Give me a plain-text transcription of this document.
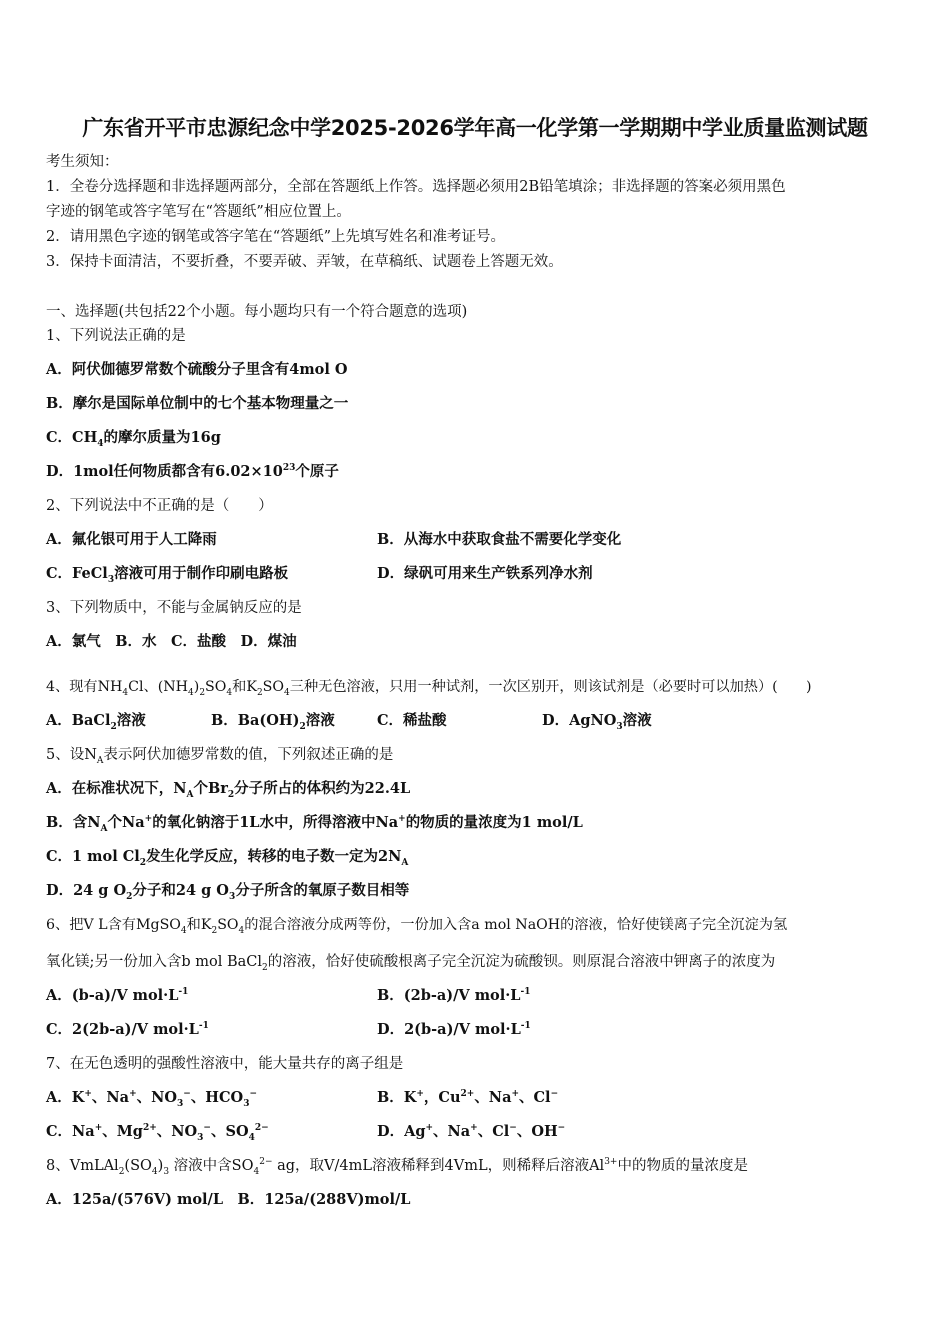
广东省开平市忠源纪念中学2025-2026学年高一化学第一学期期中学业质量监测试题
考生须知：
1．全卷分选择题和非选择题两部分，全部在答题纸上作答。选择题必须用2B铅笔填涂；非选择题的答案必须用黑色
字迹的钢笔或答字笔写在“答题纸”相应位置上。
2．请用黑色字迹的钢笔或答字笔在“答题纸”上先填写姓名和准考证号。
3．保持卡面清洁，不要折叠，不要弄破、弄皱，在草稿纸、试题卷上答题无效。
一、选择题(共包括22个小题。每小题均只有一个符合题意的选项)
1、下列说法正确的是
A．阿伏伽德罗常数个硫酸分子里含有4mol O
B．摩尔是国际单位制中的七个基本物理量之一
C．$CH_4$的摩尔质量为16g
D．1mol任何物质都含有$6.02\times 10^{23}$个原子
2、下列说法中不正确的是（　　）
A．氟化银可用于人工降雨	B．从海水中获取食盐不需要化学变化
C．FeCl$_3$溶液可用于制作印刷电路板	D．绿矾可用来生产铁系列净水剂
3、下列物质中，不能与金属钠反应的是
A．氯气　B．水　C．盐酸　D．煤油
4、现有$NH_4Cl$、$(NH_4)_2SO_4$和$K_2SO_4$三种无色溶液，只用一种试剂，一次区别开，则该试剂是（必要时可以加热）(　　)
A．BaCl$_2$溶液	B．$Ba(OH)_2$溶液	C．稀盐酸	D．AgNO$_3$溶液
5、设$N_A$表示阿伏加德罗常数的值，下列叙述正确的是
A．在标准状况下，$N_A$个$Br_2$分子所占的体积约为22.4L
B．含$N_A$个Na+的氧化钠溶于1L水中，所得溶液中Na+的物质的量浓度为1 mol/L
C．1 mol $Cl_2$发生化学反应，转移的电子数一定为$2N_A$
D．24 g $O_2$分子和24 g $O_3$分子所含的氧原子数目相等
6、把V L含有MgSO$_4$和$K_2SO_4$的混合溶液分成两等份，一份加入含a mol NaOH的溶液，恰好使镁离子完全沉淀为氢
氧化镁;另一份加入含b mol BaCl$_2$的溶液，恰好使硫酸根离子完全沉淀为硫酸钡。则原混合溶液中钾离子的浓度为
A．(b-a)/V $mol\cdot L^{-1}$	B．(2b-a)/V $mol\cdot L^{-1}$
C．2(2b-a)/V $mol\cdot L^{-1}$	D．2(b-a)/V $mol\cdot L^{-1}$
7、在无色透明的强酸性溶液中，能大量共存的离子组是
A．K+、Na+、$NO_3^-$、$HCO_3^-$	B．K+，$Cu^{2+}$、Na+、Cl−
C．Na+、$Mg^{2+}$、$NO_3^-$、$SO_4^{2-}$	D．Ag+、Na+、Cl−、OH−
8、$VmLAl_2(SO_4)_3$ 溶液中含$SO_4^{2-}$ ag，取V/4mL溶液稀释到4VmL，则稀释后溶液$Al^{3+}$中的物质的量浓度是
A．125a/(576V) mol/L　B．125a/(288V)mol/L
